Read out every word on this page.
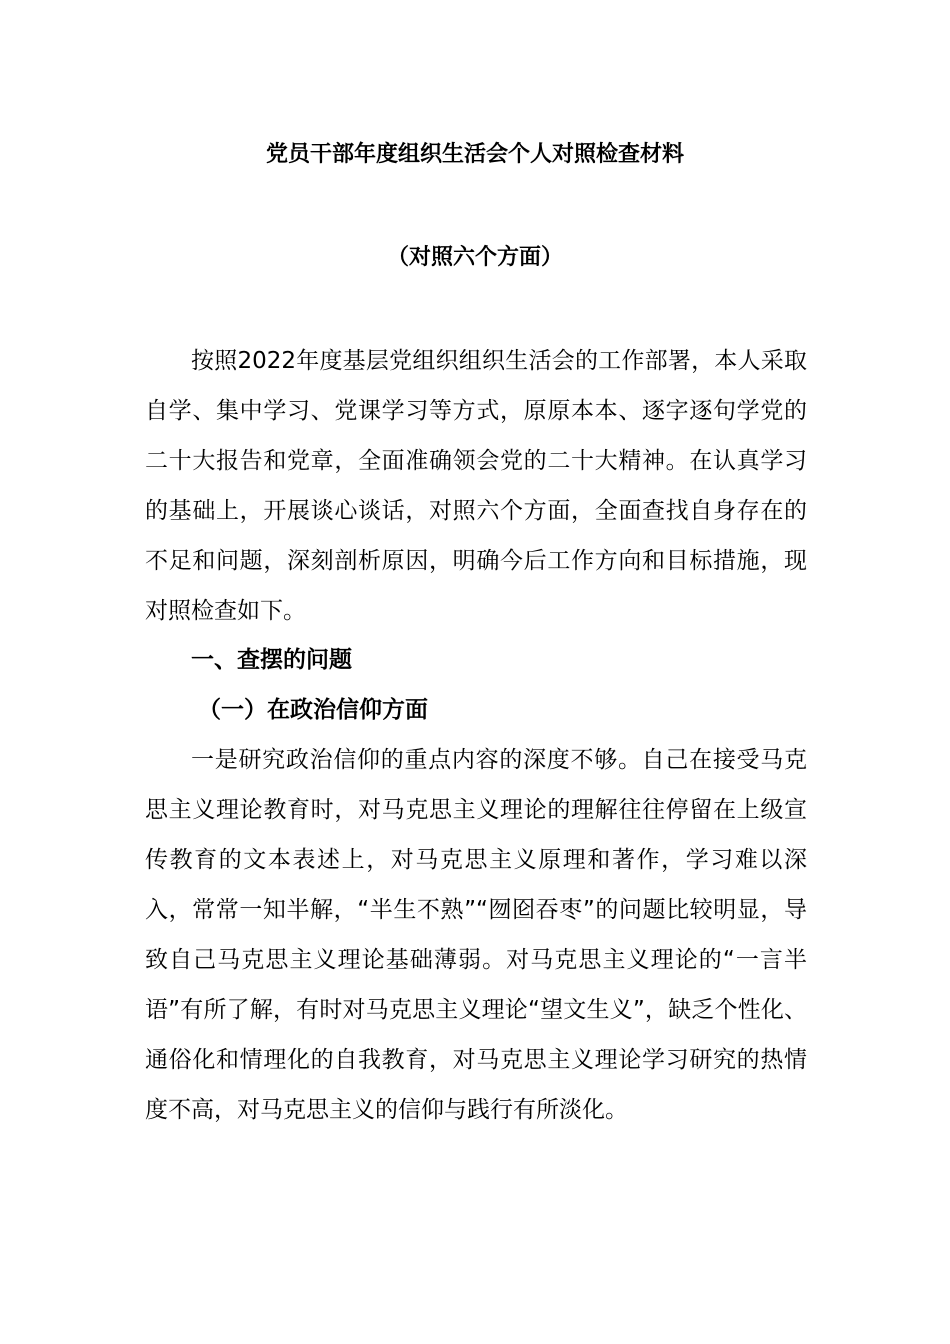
党员干部年度组织生活会个人对照检查材料

（对照六个方面）

按照2022年度基层党组织组织生活会的工作部署，本人采取自学、集中学习、党课学习等方式，原原本本、逐字逐句学党的二十大报告和党章，全面准确领会党的二十大精神。在认真学习的基础上，开展谈心谈话，对照六个方面，全面查找自身存在的不足和问题，深刻剖析原因，明确今后工作方向和目标措施，现对照检查如下。

一、查摆的问题

（一）在政治信仰方面

一是研究政治信仰的重点内容的深度不够。自己在接受马克思主义理论教育时，对马克思主义理论的理解往往停留在上级宣传教育的文本表述上，对马克思主义原理和著作，学习难以深入，常常一知半解，“半生不熟”“囫囵吞枣”的问题比较明显，导致自己马克思主义理论基础薄弱。对马克思主义理论的“一言半语”有所了解，有时对马克思主义理论“望文生义”，缺乏个性化、通俗化和情理化的自我教育，对马克思主义理论学习研究的热情度不高，对马克思主义的信仰与践行有所淡化。
